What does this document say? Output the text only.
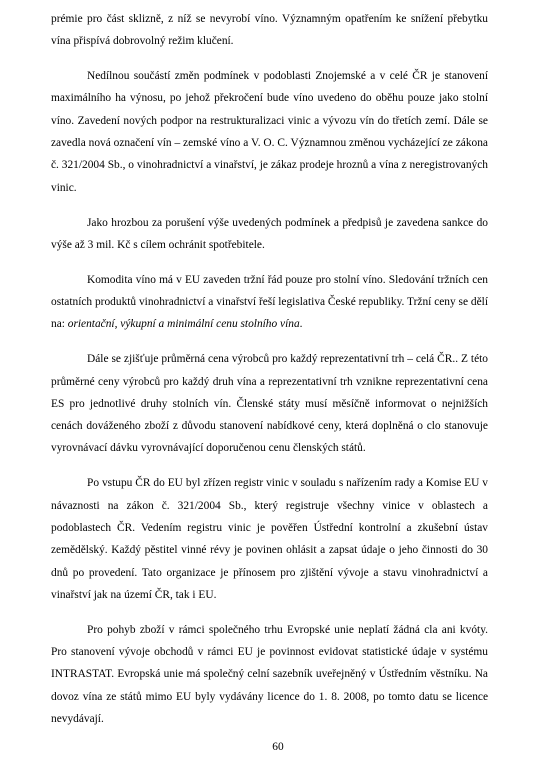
prémie pro část sklizně, z níž se nevyrobí víno. Významným opatřením ke snížení přebytku vína přispívá dobrovolný režim klučení.

Nedílnou součástí změn podmínek v podoblasti Znojemské a v celé ČR je stanovení maximálního ha výnosu, po jehož překročení bude víno uvedeno do oběhu pouze jako stolní víno. Zavedení nových podpor na restrukturalizaci vinic a vývozu vín do třetích zemí. Dále se zavedla nová označení vín – zemské víno a V. O. C. Významnou změnou vycházející ze zákona č. 321/2004 Sb., o vinohradnictví a vinařství, je zákaz prodeje hroznů a vína z neregistrovaných vinic.

Jako hrozbou za porušení výše uvedených podmínek a předpisů je zavedena sankce do výše až 3 mil. Kč s cílem ochránit spotřebitele.

Komodita víno má v EU zaveden tržní řád pouze pro stolní víno. Sledování tržních cen ostatních produktů vinohradnictví a vinařství řeší legislativa České republiky. Tržní ceny se dělí na: orientační, výkupní a minimální cenu stolního vína.

Dále se zjišťuje průměrná cena výrobců pro každý reprezentativní trh – celá ČR.. Z této průměrné ceny výrobců pro každý druh vína a reprezentativní trh vznikne reprezentativní cena ES pro jednotlivé druhy stolních vín. Členské státy musí měsíčně informovat o nejnižších cenách dováženého zboží z důvodu stanovení nabídkové ceny, která doplněná o clo stanovuje vyrovnávací dávku vyrovnávající doporučenou cenu členských států.

Po vstupu ČR do EU byl zřízen registr vinic v souladu s nařízením rady a Komise EU v návaznosti na zákon č. 321/2004 Sb., který registruje všechny vinice v oblastech a podoblastech ČR. Vedením registru vinic je pověřen Ústřední kontrolní a zkušební ústav zemědělský. Každý pěstitel vinné révy je povinen ohlásit a zapsat údaje o jeho činnosti do 30 dnů po provedení. Tato organizace je přínosem pro zjištění vývoje a stavu vinohradnictví a vinařství jak na území ČR, tak i EU.

Pro pohyb zboží v rámci společného trhu Evropské unie neplatí žádná cla ani kvóty. Pro stanovení vývoje obchodů v rámci EU je povinnost evidovat statistické údaje v systému INTRASTAT. Evropská unie má společný celní sazebník uveřejněný v Ústředním věstníku. Na dovoz vína ze států mimo EU byly vydávány licence do 1. 8. 2008, po tomto datu se licence nevydávají.

60
